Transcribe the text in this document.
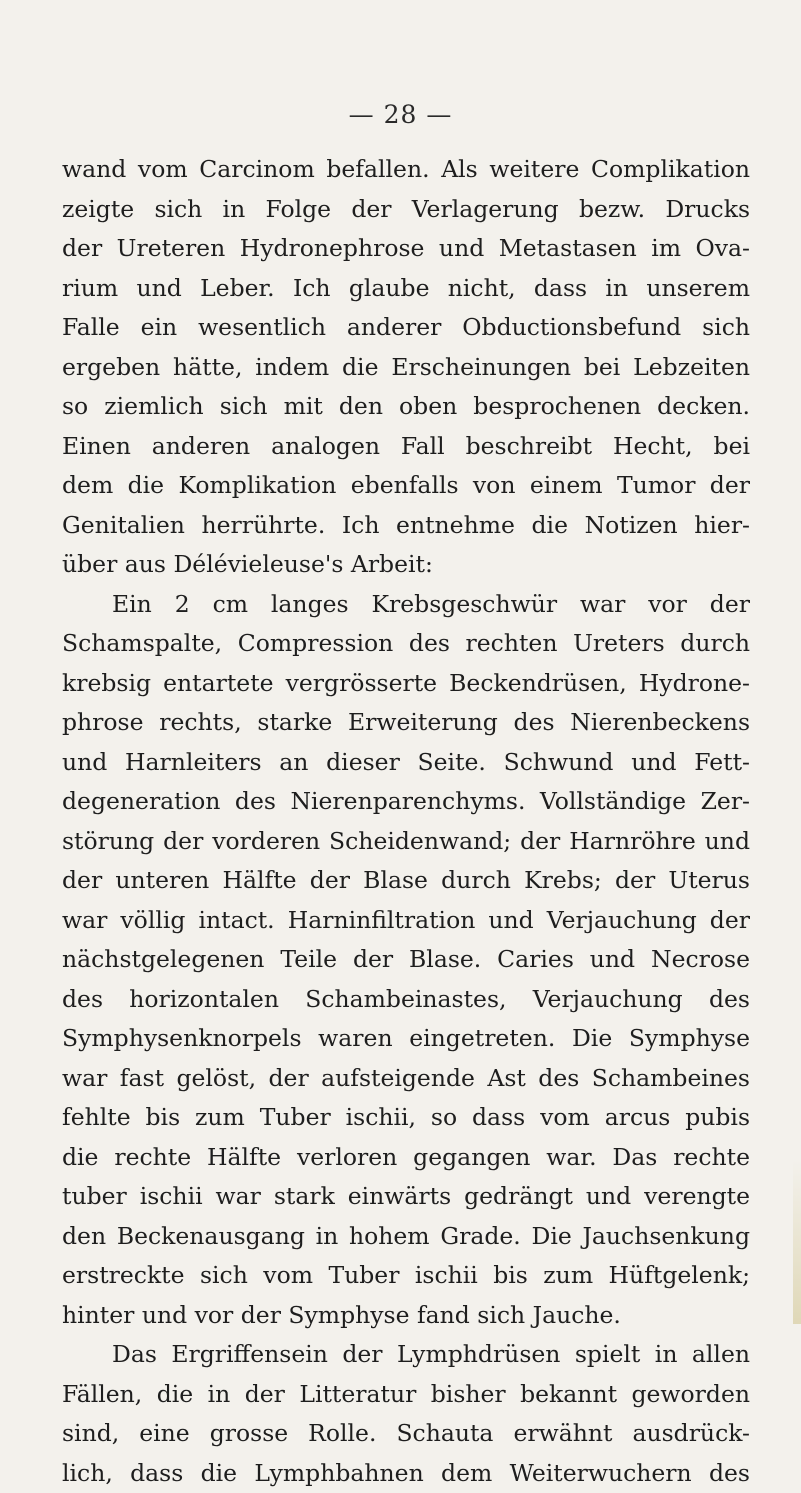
— 28 —
wand vom Carcinom befallen. Als weitere Complikation
zeigte sich in Folge der Verlagerung bezw. Drucks
der Ureteren Hydronephrose und Metastasen im Ova-
rium und Leber. Ich glaube nicht, dass in unserem
Falle ein wesentlich anderer Obductionsbefund sich
ergeben hätte, indem die Erscheinungen bei Lebzeiten
so ziemlich sich mit den oben besprochenen decken.
Einen anderen analogen Fall beschreibt Hecht, bei
dem die Komplikation ebenfalls von einem Tumor der
Genitalien herrührte. Ich entnehme die Notizen hier-
über aus Délévieleuse's Arbeit:
Ein 2 cm langes Krebsgeschwür war vor der
Schamspalte, Compression des rechten Ureters durch
krebsig entartete vergrösserte Beckendrüsen, Hydrone-
phrose rechts, starke Erweiterung des Nierenbeckens
und Harnleiters an dieser Seite. Schwund und Fett-
degeneration des Nierenparenchyms. Vollständige Zer-
störung der vorderen Scheidenwand; der Harnröhre und
der unteren Hälfte der Blase durch Krebs; der Uterus
war völlig intact. Harninfiltration und Verjauchung der
nächstgelegenen Teile der Blase. Caries und Necrose
des horizontalen Schambeinastes, Verjauchung des
Symphysenknorpels waren eingetreten. Die Symphyse
war fast gelöst, der aufsteigende Ast des Schambeines
fehlte bis zum Tuber ischii, so dass vom arcus pubis
die rechte Hälfte verloren gegangen war. Das rechte
tuber ischii war stark einwärts gedrängt und verengte
den Beckenausgang in hohem Grade. Die Jauchsenkung
erstreckte sich vom Tuber ischii bis zum Hüftgelenk;
hinter und vor der Symphyse fand sich Jauche.
Das Ergriffensein der Lymphdrüsen spielt in allen
Fällen, die in der Litteratur bisher bekannt geworden
sind, eine grosse Rolle. Schauta erwähnt ausdrück-
lich, dass die Lymphbahnen dem Weiterwuchern des
